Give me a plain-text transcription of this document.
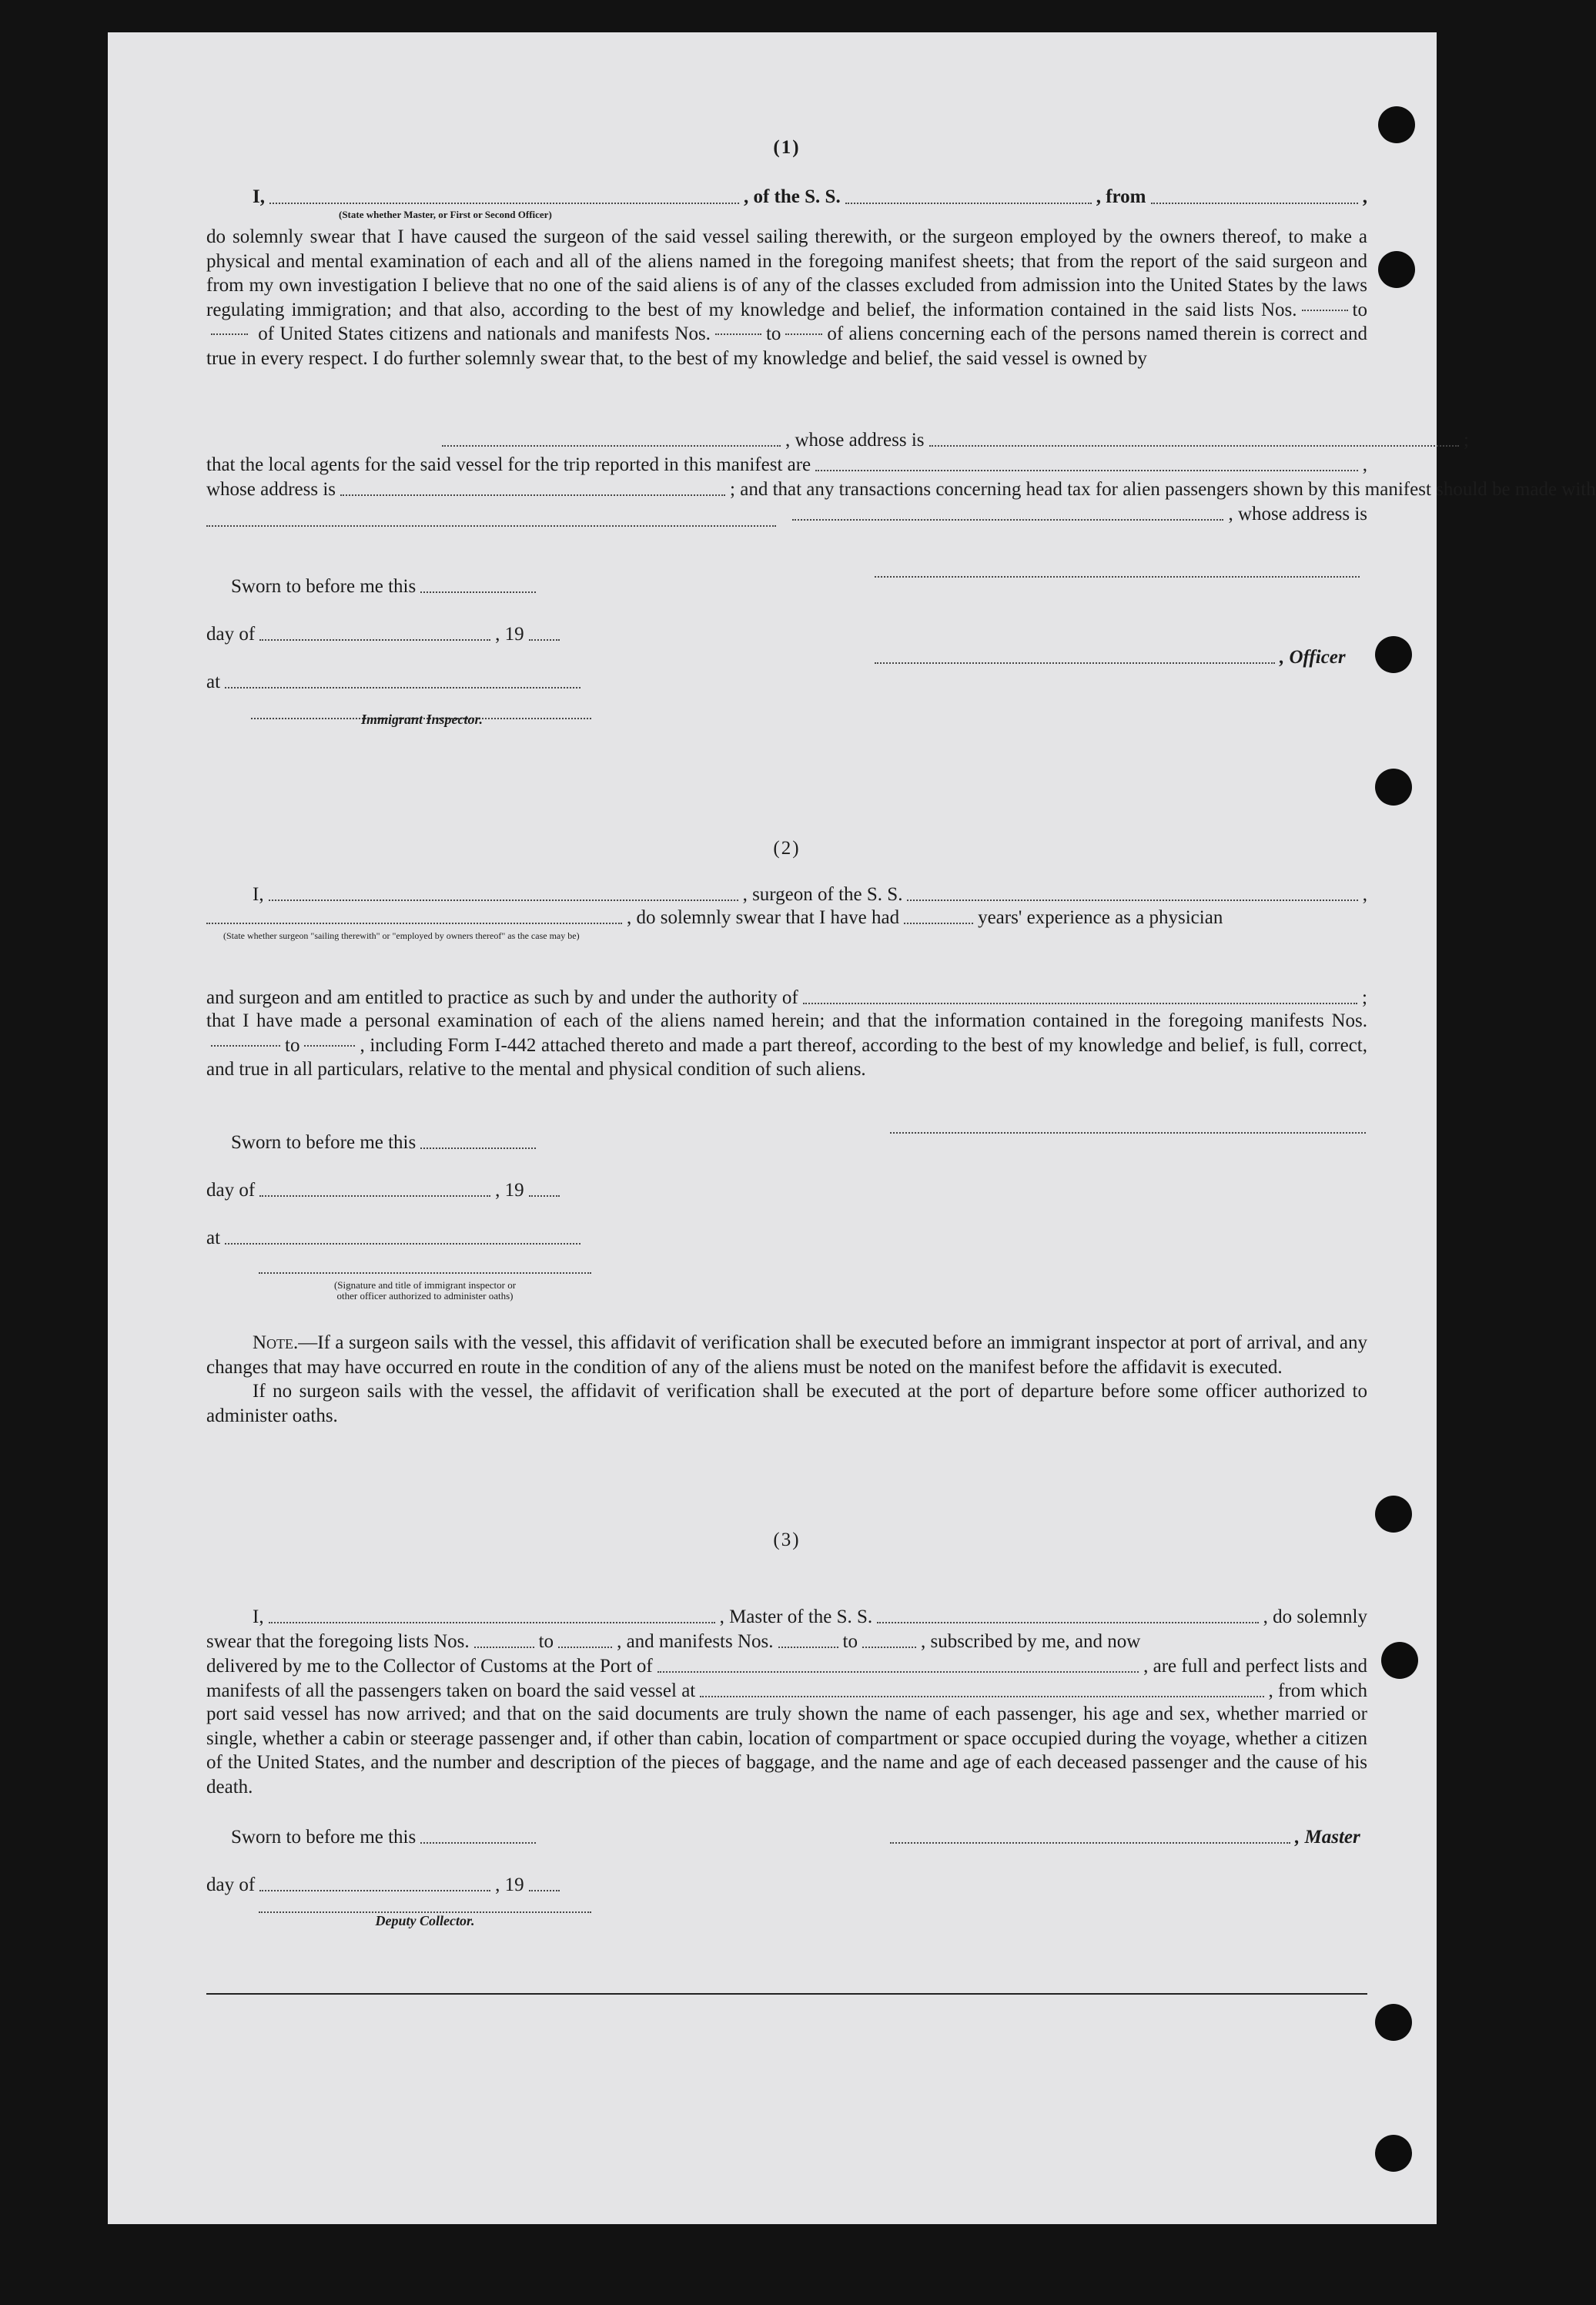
(1)
I,	, of the S. S.	, from	,
(State whether Master, or First or Second Officer)

do solemnly swear that I have caused the surgeon of the said vessel sailing therewith, or the surgeon employed by the owners thereof, to make a physical and mental examination of each and all of the aliens named in the foregoing manifest sheets; that from the report of the said surgeon and from my own investigation I believe that no one of the said aliens is of any of the classes excluded from admission into the United States by the laws regulating immigration; and that also, according to the best of my knowledge and belief, the information contained in the said lists Nos.	to of United States citizens and nationals and manifests Nos.	to of aliens concerning each of the persons named therein is correct and true in every respect. I do further solemnly swear that, to the best of my knowledge and belief, the said vessel is owned by

, whose address is	;
that the local agents for the said vessel for the trip reported in this manifest are	,
whose address is	; and that any transactions concerning head tax for alien passengers shown by this manifest should be made with
, whose address is
Sworn to before me this
day of	, 19
, Officer
at
Immigrant Inspector.
(2)
I,	, surgeon of the S. S.	,
, do solemnly swear that I have had	years' experience as a physician
(State whether surgeon "sailing therewith" or "employed by owners thereof" as the case may be)
and surgeon and am entitled to practice as such by and under the authority of	;

that I have made a personal examination of each of the aliens named herein; and that the information contained in the foregoing manifests Nos.to	, including Form I-442 attached thereto and made a part thereof, according to the best of my knowledge and belief, is full, correct, and true in all particulars, relative to the mental and physical condition of such aliens.

Sworn to before me this
day of	, 19
at
(Signature and title of immigrant inspector or
other officer authorized to administer oaths)

Note.—If a surgeon sails with the vessel, this affidavit of verification shall be executed before an immigrant inspector at port of arrival, and any changes that may have occurred en route in the condition of any of the aliens must be noted on the manifest before the affidavit is executed.

If no surgeon sails with the vessel, the affidavit of verification shall be executed at the port of departure before some officer authorized to administer oaths.

(3)
I,	, Master of the S. S.	, do solemnly
swear that the foregoing lists Nos.	to	, and manifests Nos.	to	, subscribed by me, and now
delivered by me to the Collector of Customs at the Port of	, are full and perfect lists and
manifests of all the passengers taken on board the said vessel at	, from which

port said vessel has now arrived; and that on the said documents are truly shown the name of each passenger, his age and sex, whether married or single, whether a cabin or steerage passenger and, if other than cabin, location of compartment or space occupied during the voyage, whether a citizen of the United States, and the number and description of the pieces of baggage, and the name and age of each deceased passenger and the cause of his death.

Sworn to before me this	, Master
day of	, 19
Deputy Collector.
